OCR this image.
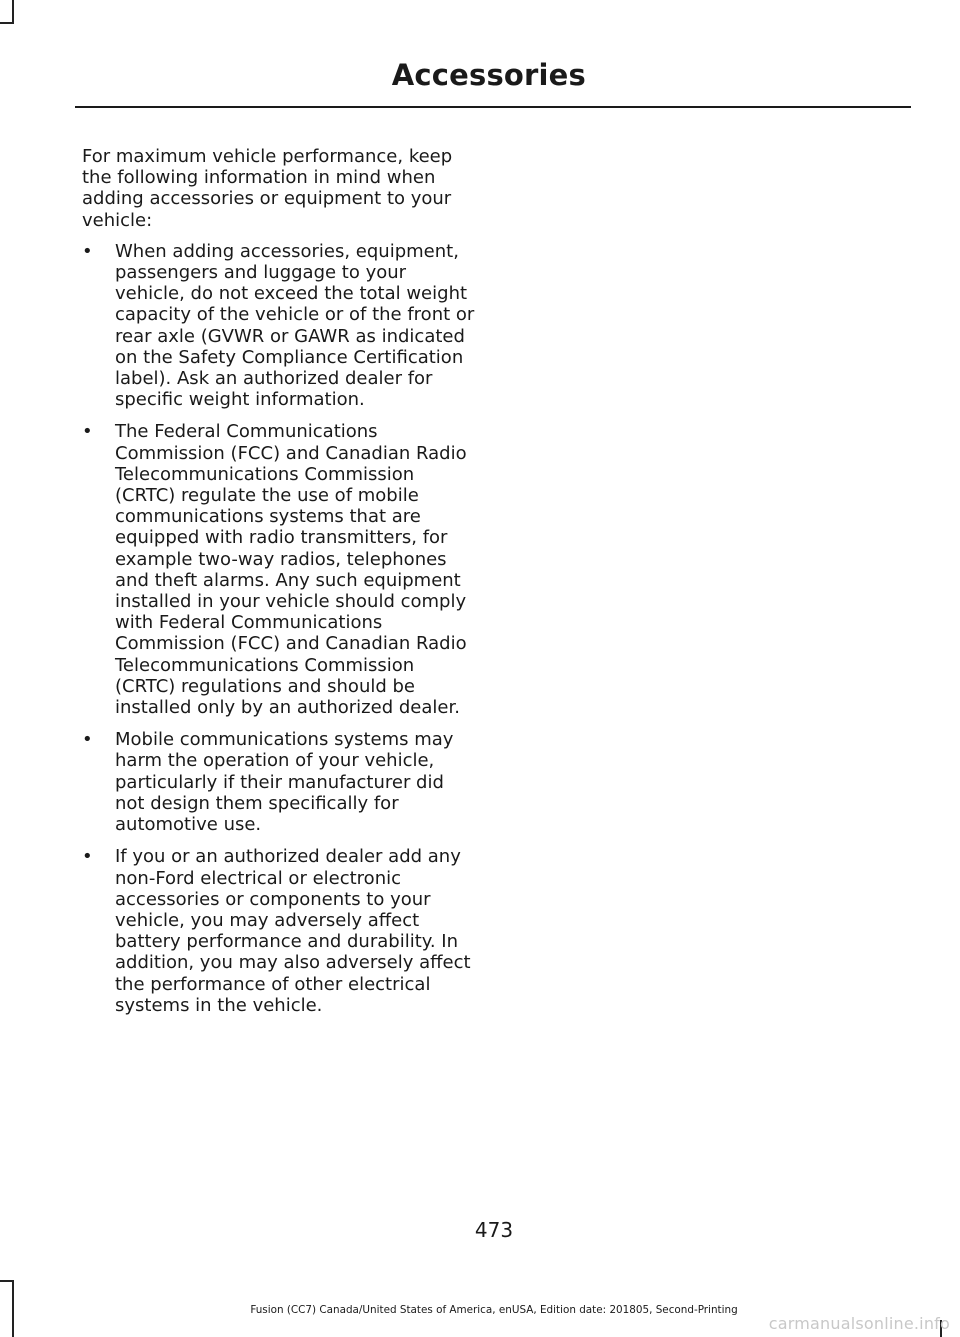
Accessories

For maximum vehicle performance, keep the following information in mind when adding accessories or equipment to your vehicle:

• When adding accessories, equipment, passengers and luggage to your vehicle, do not exceed the total weight capacity of the vehicle or of the front or rear axle (GVWR or GAWR as indicated on the Safety Compliance Certification label). Ask an authorized dealer for specific weight information.
• The Federal Communications Commission (FCC) and Canadian Radio Telecommunications Commission (CRTC) regulate the use of mobile communications systems that are equipped with radio transmitters, for example two-way radios, telephones and theft alarms. Any such equipment installed in your vehicle should comply with Federal Communications Commission (FCC) and Canadian Radio Telecommunications Commission (CRTC) regulations and should be installed only by an authorized dealer.
• Mobile communications systems may harm the operation of your vehicle, particularly if their manufacturer did not design them specifically for automotive use.
• If you or an authorized dealer add any non-Ford electrical or electronic accessories or components to your vehicle, you may adversely affect battery performance and durability. In addition, you may also adversely affect the performance of other electrical systems in the vehicle.
473
Fusion (CC7) Canada/United States of America, enUSA, Edition date: 201805, Second-Printing
carmanualsonline.info
